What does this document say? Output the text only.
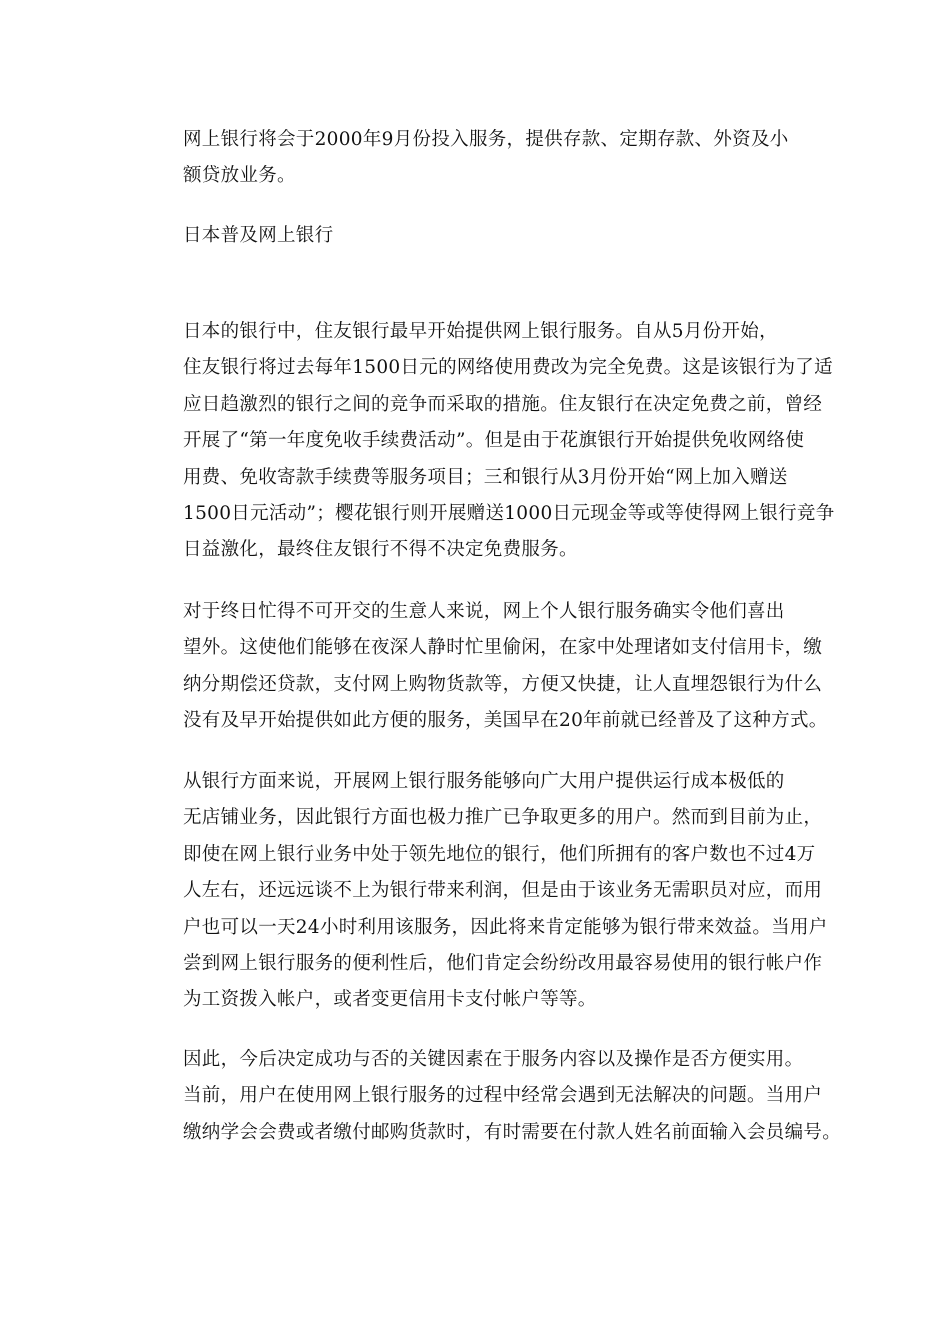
网上银行将会于2000年9月份投入服务，提供存款、定期存款、外资及小
额贷放业务。

日本普及网上银行

日本的银行中，住友银行最早开始提供网上银行服务。自从5月份开始，
住友银行将过去每年1500日元的网络使用费改为完全免费。这是该银行为了适
应日趋激烈的银行之间的竞争而采取的措施。住友银行在决定免费之前，曾经
开展了“第一年度免收手续费活动”。但是由于花旗银行开始提供免收网络使
用费、免收寄款手续费等服务项目；三和银行从3月份开始“网上加入赠送
1500日元活动”；樱花银行则开展赠送1000日元现金等或等使得网上银行竞争
日益激化，最终住友银行不得不决定免费服务。

对于终日忙得不可开交的生意人来说，网上个人银行服务确实令他们喜出
望外。这使他们能够在夜深人静时忙里偷闲，在家中处理诸如支付信用卡，缴
纳分期偿还贷款，支付网上购物货款等，方便又快捷，让人直埋怨银行为什么
没有及早开始提供如此方便的服务，美国早在20年前就已经普及了这种方式。

从银行方面来说，开展网上银行服务能够向广大用户提供运行成本极低的
无店铺业务，因此银行方面也极力推广已争取更多的用户。然而到目前为止，
即使在网上银行业务中处于领先地位的银行，他们所拥有的客户数也不过4万
人左右，还远远谈不上为银行带来利润，但是由于该业务无需职员对应，而用
户也可以一天24小时利用该服务，因此将来肯定能够为银行带来效益。当用户
尝到网上银行服务的便利性后，他们肯定会纷纷改用最容易使用的银行帐户作
为工资拨入帐户，或者变更信用卡支付帐户等等。

因此，今后决定成功与否的关键因素在于服务内容以及操作是否方便实用。
当前，用户在使用网上银行服务的过程中经常会遇到无法解决的问题。当用户
缴纳学会会费或者缴付邮购货款时，有时需要在付款人姓名前面输入会员编号。
